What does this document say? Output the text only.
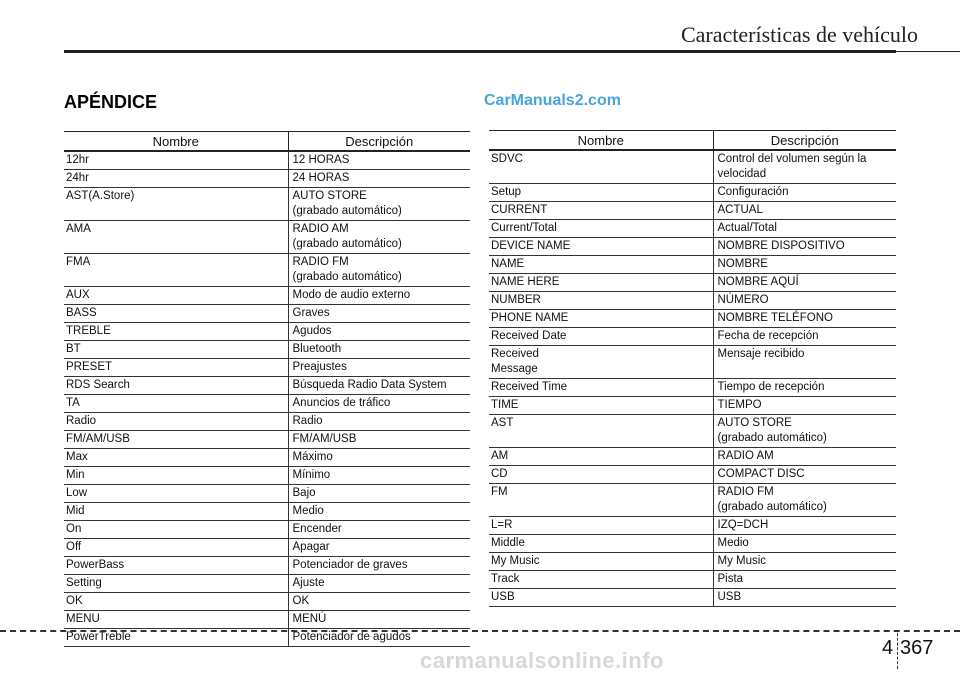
Características de vehículo
APÉNDICE	CarManuals2.com
Nombre	Descripción

12hr	12 HORAS

24hr	24 HORAS

AST(A.Store)	AUTO STORE
(grabado automático)

AMA	RADIO AM
(grabado automático)

FMA	RADIO FM
(grabado automático)

AUX	Modo de audio externo

BASS	Graves

TREBLE	Agudos

BT	Bluetooth

PRESET	Preajustes

RDS Search	Búsqueda Radio Data System

TA	Anuncios de tráfico

Radio	Radio

FM/AM/USB	FM/AM/USB

Max	Máximo

Min	Mínimo

Low	Bajo

Mid	Medio

On	Encender

Off	Apagar

PowerBass	Potenciador de graves

Setting	Ajuste

OK	OK

MENU	MENÚ

PowerTreble	Potenciador de agudos
Nombre	Descripción

SDVC	Control del volumen según la
velocidad

Setup	Configuración

CURRENT	ACTUAL

Current/Total	Actual/Total

DEVICE NAME	NOMBRE DISPOSITIVO

NAME	NOMBRE

NAME HERE	NOMBRE AQUÍ

NUMBER	NÚMERO

PHONE NAME	NOMBRE TELÉFONO

Received Date	Fecha de recepción

Received
Message	Mensaje recibido

Received Time	Tiempo de recepción

TIME	TIEMPO

AST	AUTO STORE
(grabado automático)

AM	RADIO AM

CD	COMPACT DISC

FM	RADIO FM
(grabado automático)

L=R	IZQ=DCH

Middle	Medio

My Music	My Music

Track	Pista

USB	USB
4 367
carmanualsonline.info
